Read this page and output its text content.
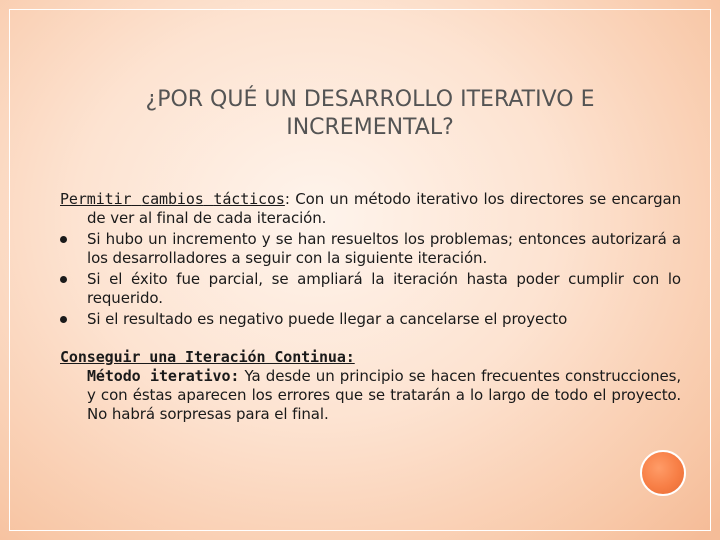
¿POR QUÉ UN DESARROLLO ITERATIVO E
INCREMENTAL?

Permitir cambios tácticos: Con un método iterativo los directores se encargan de ver al final de cada iteración.

Si hubo un incremento y se han resueltos los problemas; entonces autorizará a los desarrolladores a seguir con la siguiente iteración.
Si el éxito fue parcial, se ampliará la iteración hasta poder cumplir con lo requerido.
Si el resultado es negativo puede llegar a cancelarse el proyecto

Conseguir una Iteración Continua:

Método iterativo: Ya desde un principio se hacen frecuentes construcciones, y con éstas aparecen los errores que se tratarán a lo largo de todo el proyecto. No habrá sorpresas para el final.
